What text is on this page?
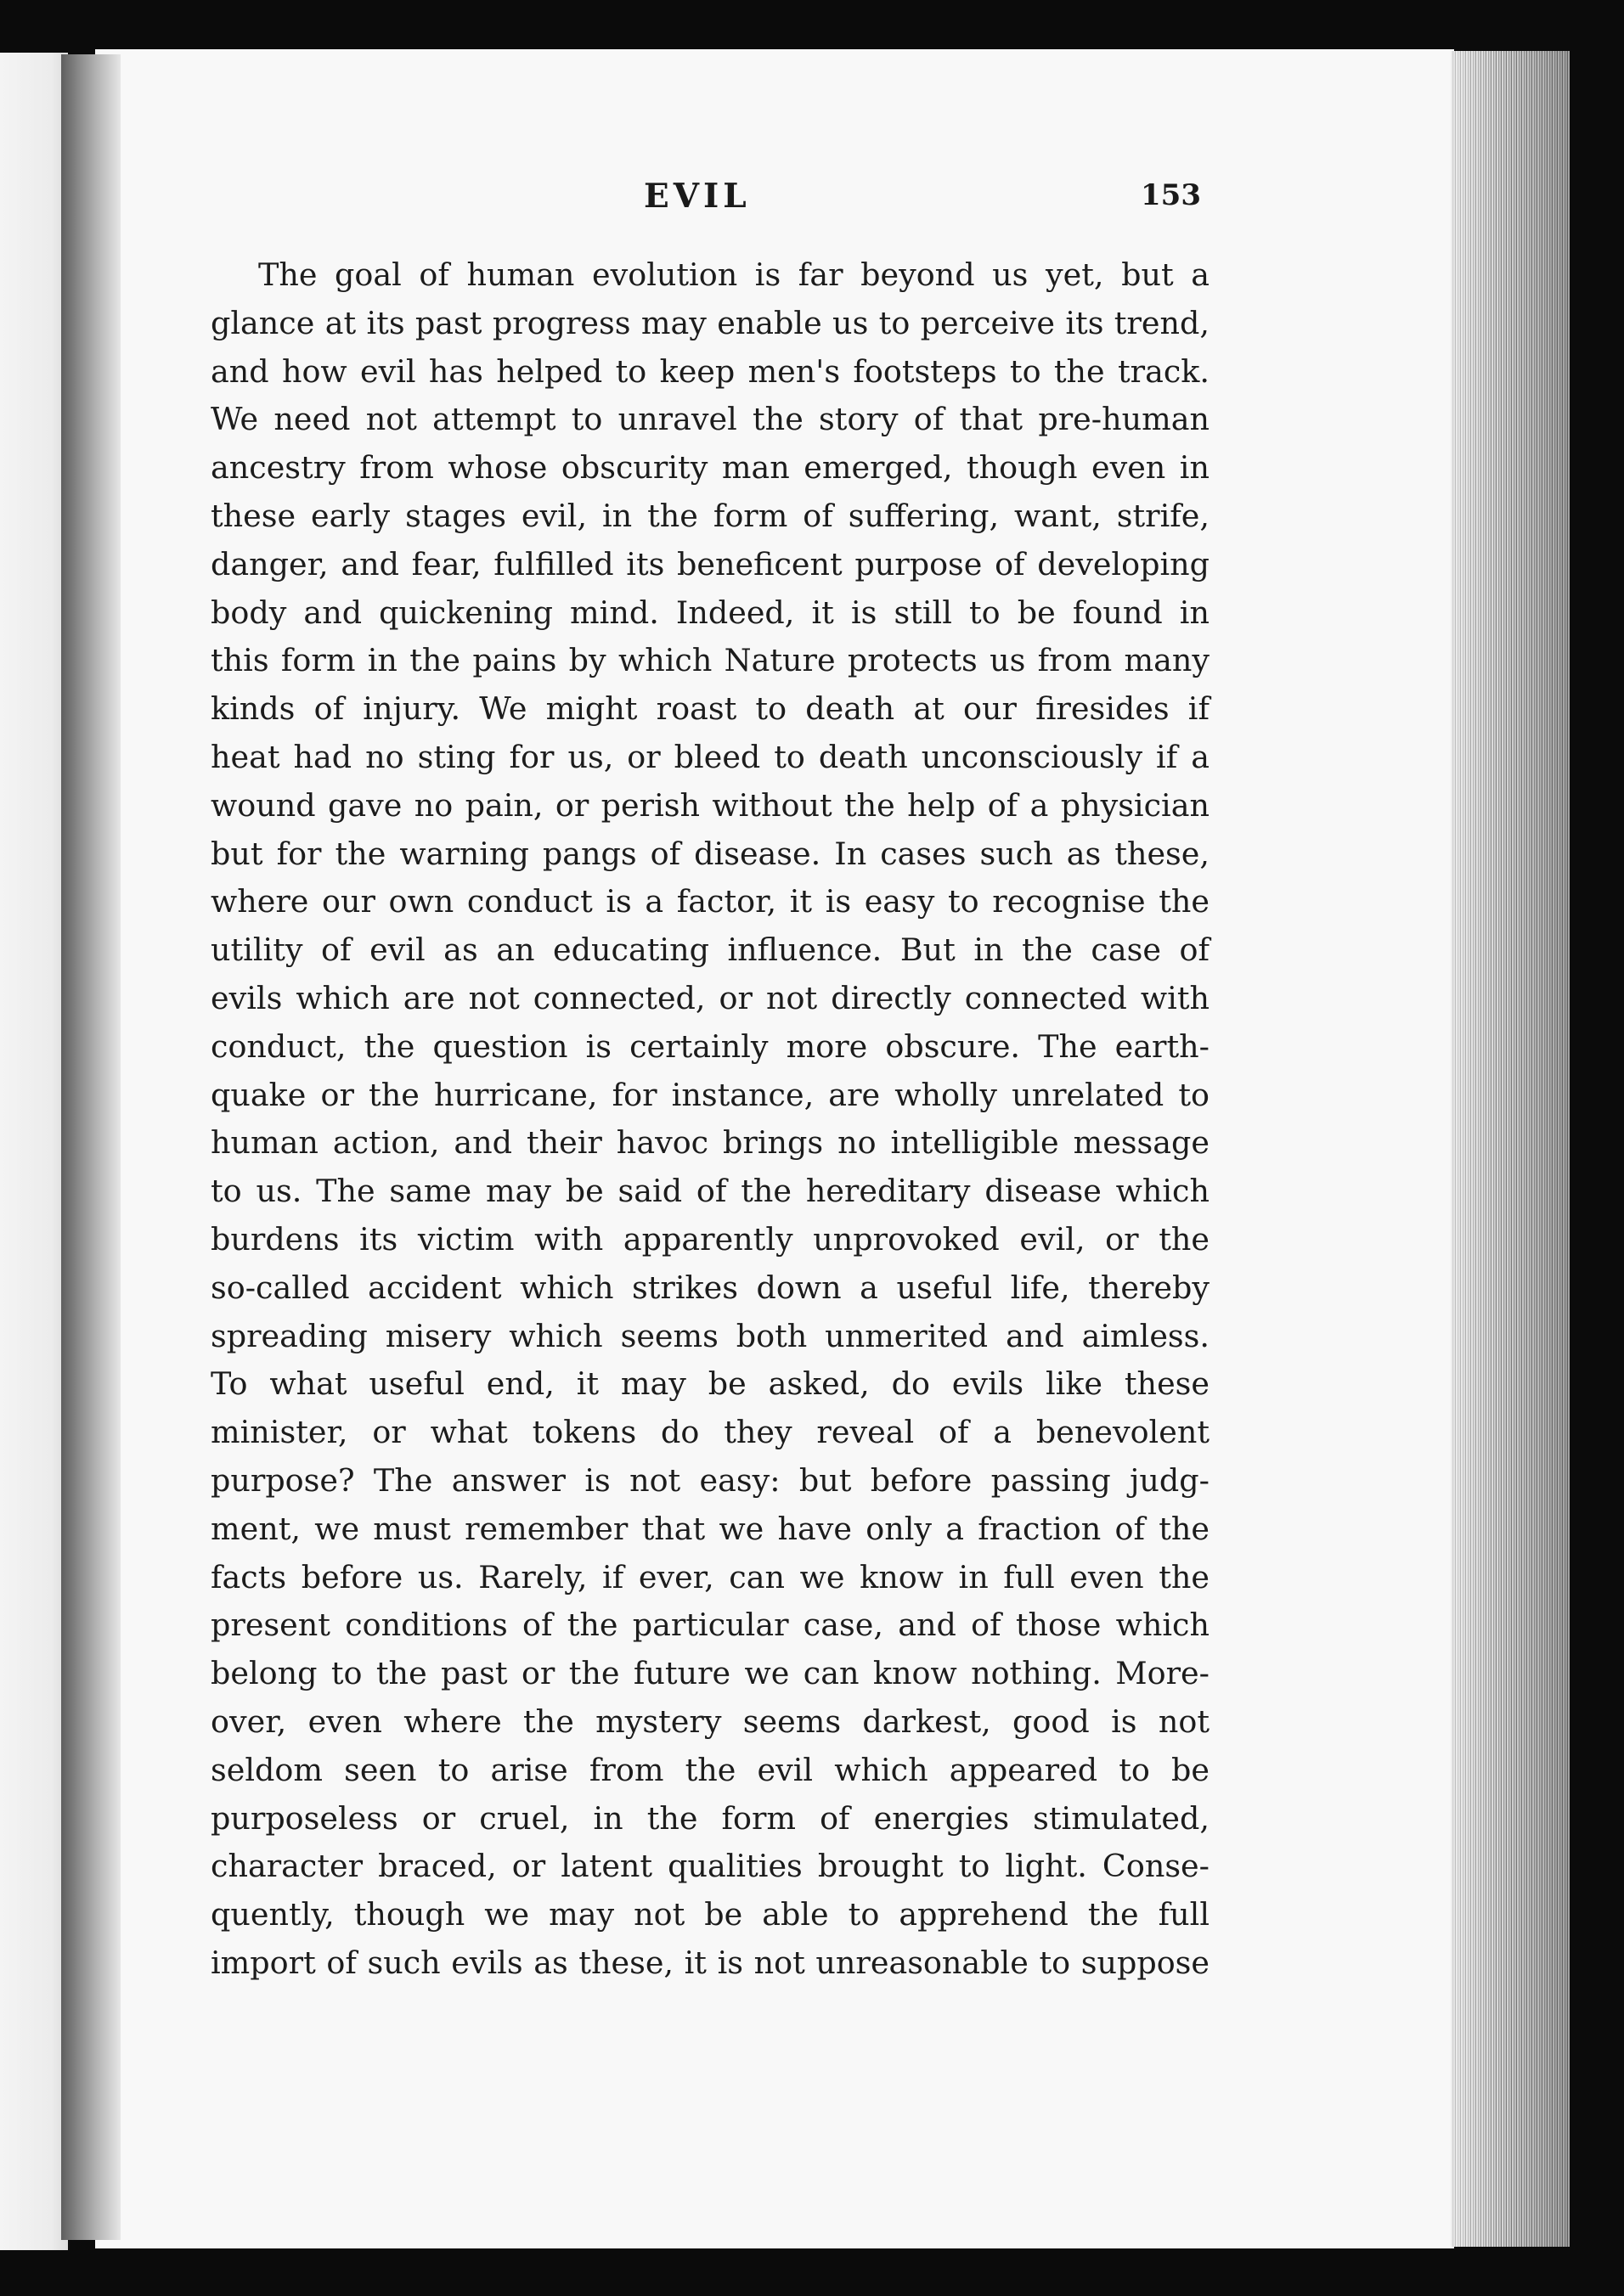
EVIL	153
The goal of human evolution is far beyond us yet, but a
glance at its past progress may enable us to perceive its trend,
and how evil has helped to keep men's footsteps to the track.
We need not attempt to unravel the story of that pre-human
ancestry from whose obscurity man emerged, though even in
these early stages evil, in the form of suffering, want, strife,
danger, and fear, fulfilled its beneficent purpose of developing
body and quickening mind. Indeed, it is still to be found in
this form in the pains by which Nature protects us from many
kinds of injury. We might roast to death at our firesides if
heat had no sting for us, or bleed to death unconsciously if a
wound gave no pain, or perish without the help of a physician
but for the warning pangs of disease. In cases such as these,
where our own conduct is a factor, it is easy to recognise the
utility of evil as an educating influence. But in the case of
evils which are not connected, or not directly connected with
conduct, the question is certainly more obscure. The earth-
quake or the hurricane, for instance, are wholly unrelated to
human action, and their havoc brings no intelligible message
to us. The same may be said of the hereditary disease which
burdens its victim with apparently unprovoked evil, or the
so-called accident which strikes down a useful life, thereby
spreading misery which seems both unmerited and aimless.
To what useful end, it may be asked, do evils like these
minister, or what tokens do they reveal of a benevolent
purpose? The answer is not easy: but before passing judg-
ment, we must remember that we have only a fraction of the
facts before us. Rarely, if ever, can we know in full even the
present conditions of the particular case, and of those which
belong to the past or the future we can know nothing. More-
over, even where the mystery seems darkest, good is not
seldom seen to arise from the evil which appeared to be
purposeless or cruel, in the form of energies stimulated,
character braced, or latent qualities brought to light. Conse-
quently, though we may not be able to apprehend the full
import of such evils as these, it is not unreasonable to suppose
